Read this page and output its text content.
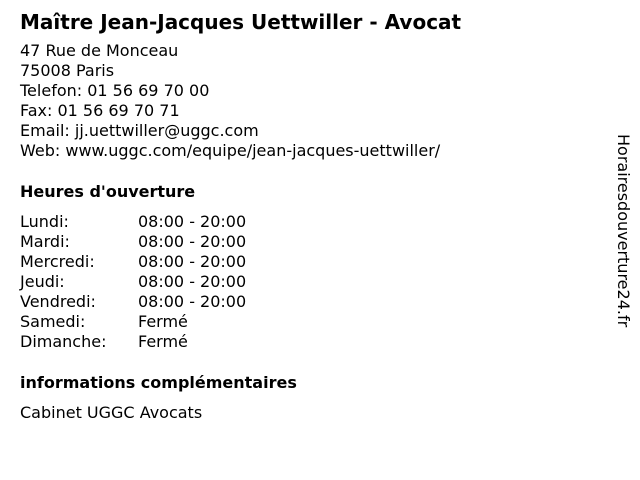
Maître Jean-Jacques Uettwiller - Avocat
47 Rue de Monceau
75008 Paris
Telefon: 01 56 69 70 00
Fax: 01 56 69 70 71
Email: jj.uettwiller@uggc.com
Web: www.uggc.com/equipe/jean-jacques-uettwiller/
Heures d'ouverture
Lundi:	08:00 - 20:00
Mardi:	08:00 - 20:00
Mercredi:	08:00 - 20:00
Jeudi:	08:00 - 20:00
Vendredi:	08:00 - 20:00
Samedi:	Fermé
Dimanche:	Fermé
informations complémentaires
Cabinet UGGC Avocats
Horairesdouverture24.fr
